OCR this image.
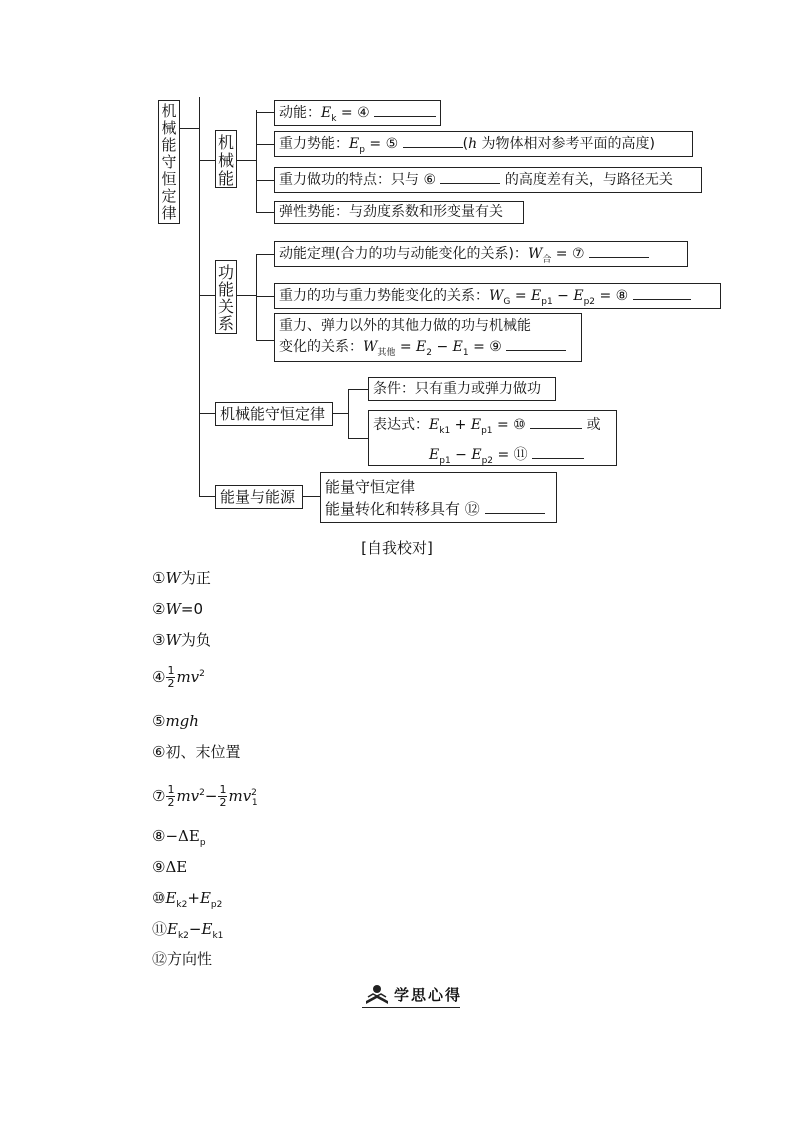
机
械
能
守
恒
定
律
机
械
能
动能：$E_k$ = ④
重力势能：$E_p$ = ⑤	(h 为物体相对参考平面的高度)
重力做功的特点：只与 ⑥	的高度差有关，与路径无关
弹性势能：与劲度系数和形变量有关
功
能
关
系
动能定理(合力的功与动能变化的关系)：$W_合$ = ⑦
重力的功与重力势能变化的关系：$W_G = E_{p1} - E_{p2}$ = ⑧
重力、弹力以外的其他力做的功与机械能
变化的关系：$W_{其他} = E_2 - E_1$ = ⑨
机械能守恒定律
条件：只有重力或弹力做功
表达式：$E_{k1} + E_{p1}$ = ⑩	或
$E_{p1} - E_{p2}$ = ⑪
能量与能源
能量守恒定律
能量转化和转移具有 ⑫
[自我校对]
①W为正
②W=0
③W为负
④ $\frac{1}{2} mv^2$
⑤mgh
⑥初、末位置
⑦ $\frac{1}{2} mv^2- \frac{1}{2} mv^2_1$
$⑧-\Delta E_p$
⑨ΔE
$⑩E_{k2}+E_{p2}$
$⑪E_{k2}-E_{k1}$
⑫方向性
学思心得
